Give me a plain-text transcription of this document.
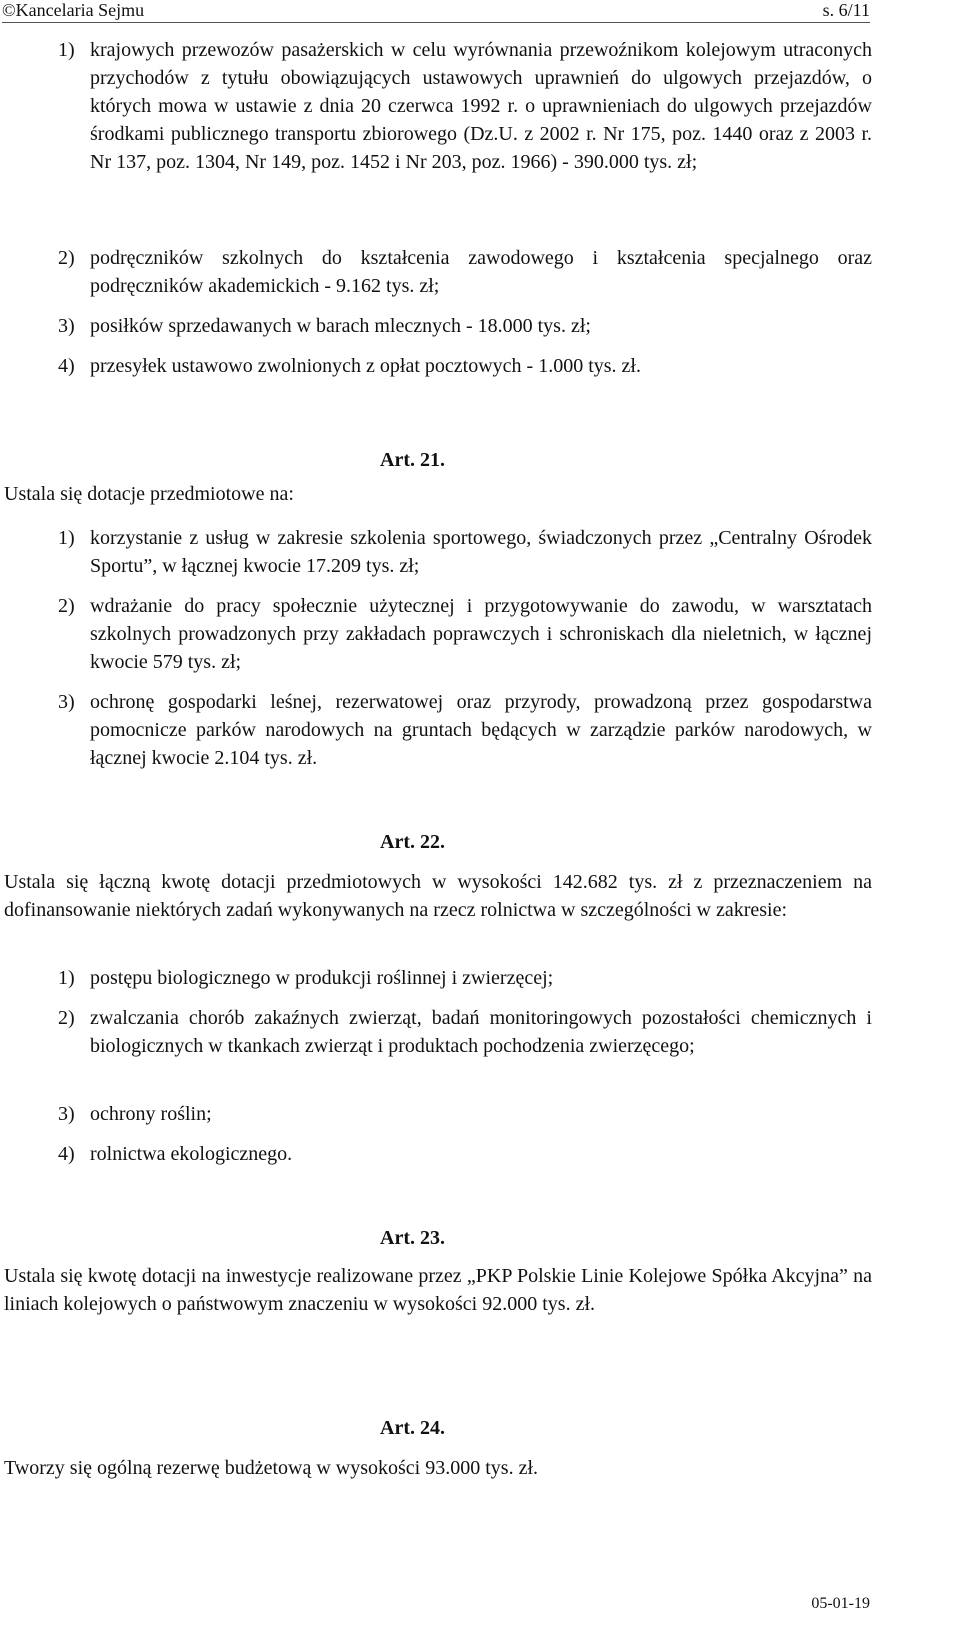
©Kancelaria Sejmu	s. 6/11
1) krajowych przewozów pasażerskich w celu wyrównania przewoźnikom kolejowym utraconych przychodów z tytułu obowiązujących ustawowych uprawnień do ulgowych przejazdów, o których mowa w ustawie z dnia 20 czerwca 1992 r. o uprawnieniach do ulgowych przejazdów środkami publicznego transportu zbiorowego (Dz.U. z 2002 r. Nr 175, poz. 1440 oraz z 2003 r. Nr 137, poz. 1304, Nr 149, poz. 1452 i Nr 203, poz. 1966) - 390.000 tys. zł;
2) podręczników szkolnych do kształcenia zawodowego i kształcenia specjalnego oraz podręczników akademickich - 9.162 tys. zł;
3) posiłków sprzedawanych w barach mlecznych - 18.000 tys. zł;
4) przesyłek ustawowo zwolnionych z opłat pocztowych - 1.000 tys. zł.
Art. 21.
Ustala się dotacje przedmiotowe na:
1) korzystanie z usług w zakresie szkolenia sportowego, świadczonych przez „Centralny Ośrodek Sportu”, w łącznej kwocie 17.209 tys. zł;
2) wdrażanie do pracy społecznie użytecznej i przygotowywanie do zawodu, w warsztatach szkolnych prowadzonych przy zakładach poprawczych i schroniskach dla nieletnich, w łącznej kwocie 579 tys. zł;
3) ochronę gospodarki leśnej, rezerwatowej oraz przyrody, prowadzoną przez gospodarstwa pomocnicze parków narodowych na gruntach będących w zarządzie parków narodowych, w łącznej kwocie 2.104 tys. zł.
Art. 22.
Ustala się łączną kwotę dotacji przedmiotowych w wysokości 142.682 tys. zł z przeznaczeniem na dofinansowanie niektórych zadań wykonywanych na rzecz rolnictwa w szczególności w zakresie:
1) postępu biologicznego w produkcji roślinnej i zwierzęcej;
2) zwalczania chorób zakaźnych zwierząt, badań monitoringowych pozostałości chemicznych i biologicznych w tkankach zwierząt i produktach pochodzenia zwierzęcego;
3) ochrony roślin;
4) rolnictwa ekologicznego.
Art. 23.
Ustala się kwotę dotacji na inwestycje realizowane przez „PKP Polskie Linie Kolejowe Spółka Akcyjna” na liniach kolejowych o państwowym znaczeniu w wysokości 92.000 tys. zł.
Art. 24.
Tworzy się ogólną rezerwę budżetową w wysokości 93.000 tys. zł.
05-01-19
